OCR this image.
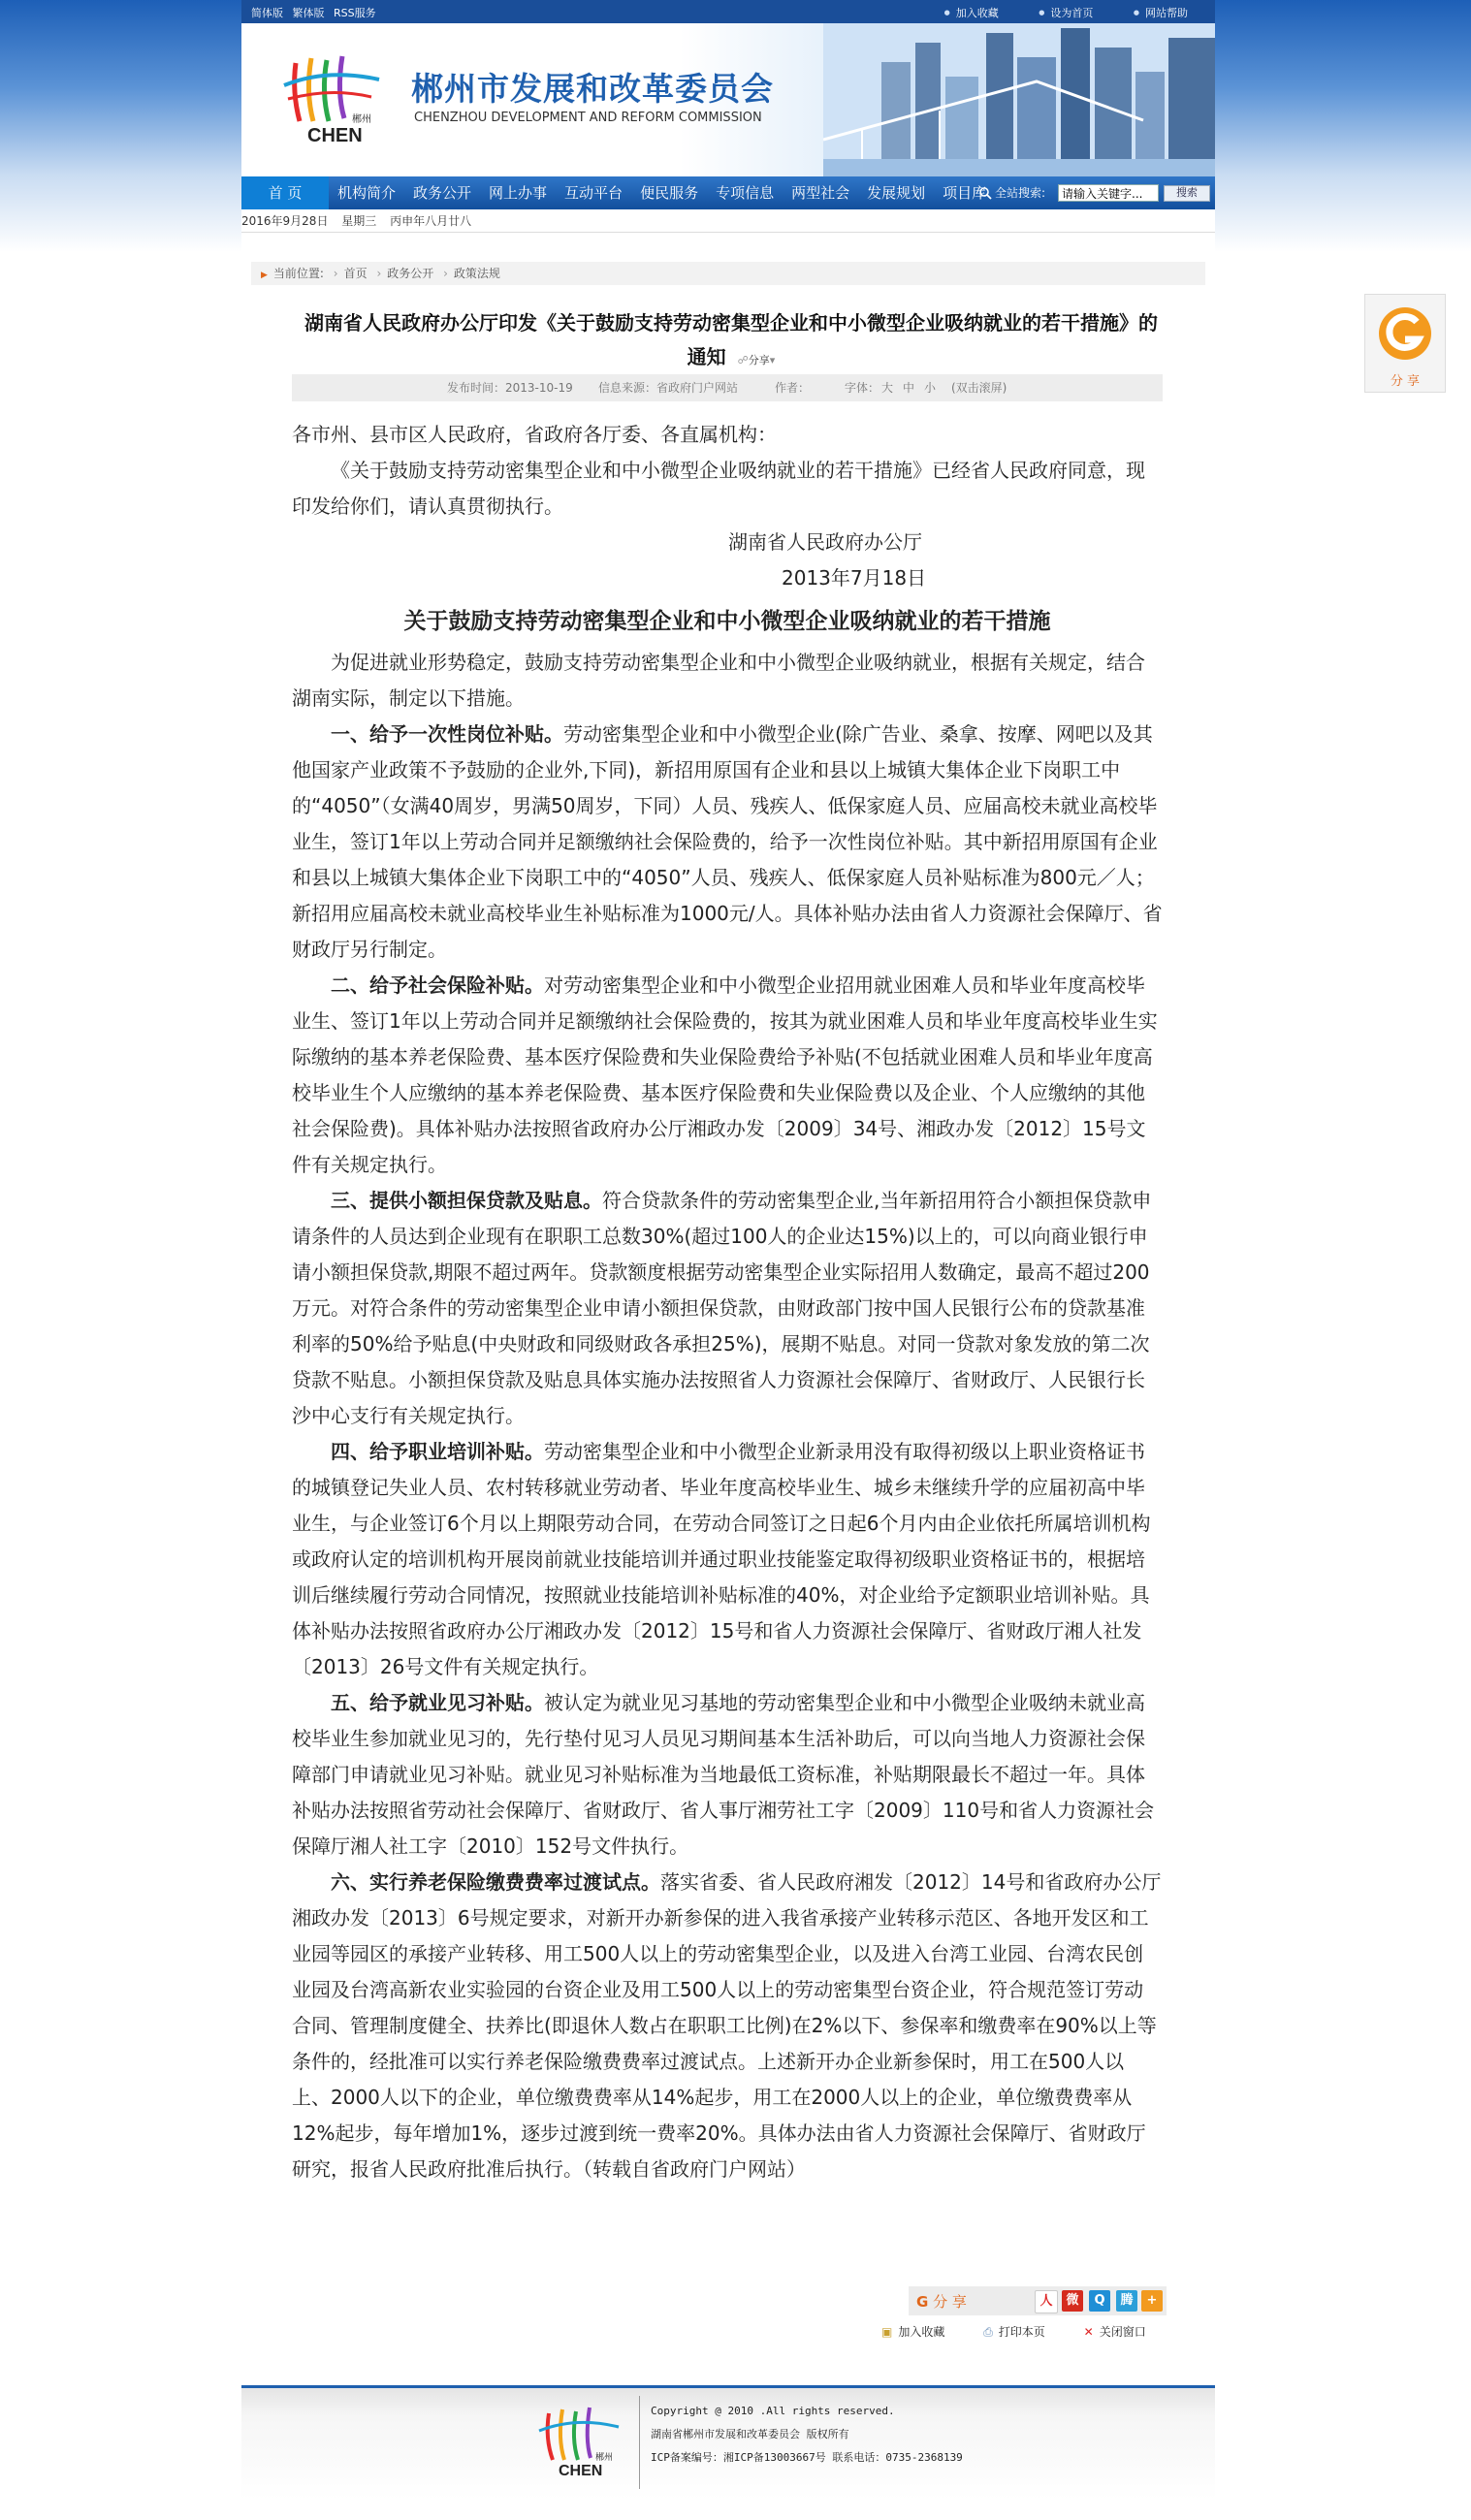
简体版 繁体版 RSS服务	● 加入收藏	● 设为首页	● 网站帮助
CHEN
郴州
郴州市发展和改革委员会
CHENZHOU DEVELOPMENT AND REFORM COMMISSION
首 页	机构简介	政务公开	网上办事	互动平台	便民服务	专项信息	两型社会	发展规划	项目库 全站搜索:
请输入关键字...	搜索
2016年9月28日 星期三 丙申年八月廿八
▶ 当前位置: › 首页 › 政务公开 › 政策法规
湖南省人民政府办公厅印发《关于鼓励支持劳动密集型企业和中小微型企业吸纳就业的若干措施》的通知 ☍分享▾
发布时间：2013-10-19 信息来源：省政府门户网站	作者：	字体： 大 中 小 (双击滚屏)

各市州、县市区人民政府，省政府各厅委、各直属机构：

《关于鼓励支持劳动密集型企业和中小微型企业吸纳就业的若干措施》已经省人民政府同意，现印发给你们，请认真贯彻执行。

湖南省人民政府办公厅

2013年7月18日

关于鼓励支持劳动密集型企业和中小微型企业吸纳就业的若干措施

为促进就业形势稳定，鼓励支持劳动密集型企业和中小微型企业吸纳就业，根据有关规定，结合湖南实际，制定以下措施。

一、给予一次性岗位补贴。劳动密集型企业和中小微型企业(除广告业、桑拿、按摩、网吧以及其他国家产业政策不予鼓励的企业外,下同)，新招用原国有企业和县以上城镇大集体企业下岗职工中的“4050”（女满40周岁，男满50周岁，下同）人员、残疾人、低保家庭人员、应届高校未就业高校毕业生，签订1年以上劳动合同并足额缴纳社会保险费的，给予一次性岗位补贴。其中新招用原国有企业和县以上城镇大集体企业下岗职工中的“4050”人员、残疾人、低保家庭人员补贴标准为800元／人；新招用应届高校未就业高校毕业生补贴标准为1000元/人。具体补贴办法由省人力资源社会保障厅、省财政厅另行制定。

二、给予社会保险补贴。对劳动密集型企业和中小微型企业招用就业困难人员和毕业年度高校毕业生、签订1年以上劳动合同并足额缴纳社会保险费的，按其为就业困难人员和毕业年度高校毕业生实际缴纳的基本养老保险费、基本医疗保险费和失业保险费给予补贴(不包括就业困难人员和毕业年度高校毕业生个人应缴纳的基本养老保险费、基本医疗保险费和失业保险费以及企业、个人应缴纳的其他社会保险费)。具体补贴办法按照省政府办公厅湘政办发〔2009〕34号、湘政办发〔2012〕15号文件有关规定执行。

三、提供小额担保贷款及贴息。符合贷款条件的劳动密集型企业,当年新招用符合小额担保贷款申请条件的人员达到企业现有在职职工总数30%(超过100人的企业达15%)以上的，可以向商业银行申请小额担保贷款,期限不超过两年。贷款额度根据劳动密集型企业实际招用人数确定，最高不超过200万元。对符合条件的劳动密集型企业申请小额担保贷款，由财政部门按中国人民银行公布的贷款基准利率的50%给予贴息(中央财政和同级财政各承担25%)，展期不贴息。对同一贷款对象发放的第二次贷款不贴息。小额担保贷款及贴息具体实施办法按照省人力资源社会保障厅、省财政厅、人民银行长沙中心支行有关规定执行。

四、给予职业培训补贴。劳动密集型企业和中小微型企业新录用没有取得初级以上职业资格证书的城镇登记失业人员、农村转移就业劳动者、毕业年度高校毕业生、城乡未继续升学的应届初高中毕业生，与企业签订6个月以上期限劳动合同，在劳动合同签订之日起6个月内由企业依托所属培训机构或政府认定的培训机构开展岗前就业技能培训并通过职业技能鉴定取得初级职业资格证书的，根据培训后继续履行劳动合同情况，按照就业技能培训补贴标准的40%，对企业给予定额职业培训补贴。具体补贴办法按照省政府办公厅湘政办发〔2012〕15号和省人力资源社会保障厅、省财政厅湘人社发〔2013〕26号文件有关规定执行。

五、给予就业见习补贴。被认定为就业见习基地的劳动密集型企业和中小微型企业吸纳未就业高校毕业生参加就业见习的，先行垫付见习人员见习期间基本生活补助后，可以向当地人力资源社会保障部门申请就业见习补贴。就业见习补贴标准为当地最低工资标准，补贴期限最长不超过一年。具体补贴办法按照省劳动社会保障厅、省财政厅、省人事厅湘劳社工字〔2009〕110号和省人力资源社会保障厅湘人社工字〔2010〕152号文件执行。

六、实行养老保险缴费费率过渡试点。落实省委、省人民政府湘发〔2012〕14号和省政府办公厅湘政办发〔2013〕6号规定要求，对新开办新参保的进入我省承接产业转移示范区、各地开发区和工业园等园区的承接产业转移、用工500人以上的劳动密集型企业，以及进入台湾工业园、台湾农民创业园及台湾高新农业实验园的台资企业及用工500人以上的劳动密集型台资企业，符合规范签订劳动合同、管理制度健全、扶养比(即退休人数占在职职工比例)在2%以下、参保率和缴费率在90%以上等条件的，经批准可以实行养老保险缴费费率过渡试点。上述新开办企业新参保时，用工在500人以上、2000人以下的企业，单位缴费费率从14%起步，用工在2000人以上的企业，单位缴费费率从12%起步，每年增加1%，逐步过渡到统一费率20%。具体办法由省人力资源社会保障厅、省财政厅研究，报省人民政府批准后执行。（转载自省政府门户网站）

G 分 享	人	微	Q	腾	+
▣ 加入收藏	⎙ 打印本页	✕ 关闭窗口
CHEN
郴州
Copyright @ 2010 .All rights reserved.
湖南省郴州市发展和改革委员会 版权所有
ICP备案编号：湘ICP备13003667号 联系电话：0735-2368139
分 享
